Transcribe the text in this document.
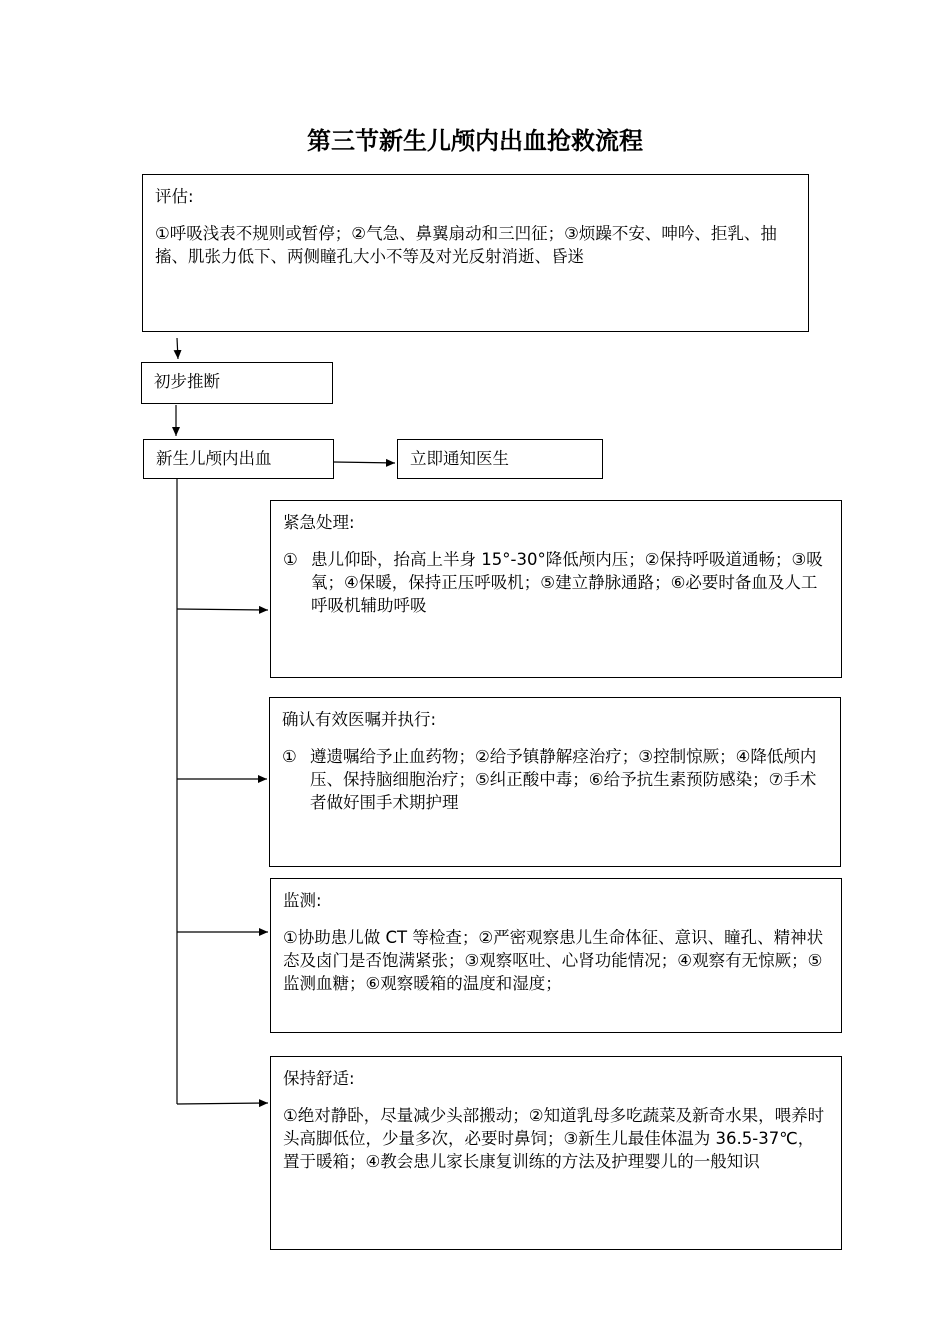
第三节新生儿颅内出血抢救流程
评估:
①呼吸浅表不规则或暂停；②气急、鼻翼扇动和三凹征；③烦躁不安、呻吟、拒乳、抽搐、肌张力低下、两侧瞳孔大小不等及对光反射消逝、昏迷
初步推断
新生儿颅内出血	立即通知医生
紧急处理:
① 患儿仰卧，抬高上半身 15°-30°降低颅内压；②保持呼吸道通畅；③吸氧；④保暖，保持正压呼吸机；⑤建立静脉通路；⑥必要时备血及人工呼吸机辅助呼吸
确认有效医嘱并执行:
① 遵遗嘱给予止血药物；②给予镇静解痉治疗；③控制惊厥；④降低颅内压、保持脑细胞治疗；⑤纠正酸中毒；⑥给予抗生素预防感染；⑦手术者做好围手术期护理
监测:
①协助患儿做 CT 等检查；②严密观察患儿生命体征、意识、瞳孔、精神状态及卤门是否饱满紧张；③观察呕吐、心肾功能情况；④观察有无惊厥；⑤监测血糖；⑥观察暖箱的温度和湿度；
保持舒适:
①绝对静卧，尽量减少头部搬动；②知道乳母多吃蔬菜及新奇水果，喂养时头高脚低位，少量多次，必要时鼻饲；③新生儿最佳体温为 36.5-37℃，置于暖箱；④教会患儿家长康复训练的方法及护理婴儿的一般知识
